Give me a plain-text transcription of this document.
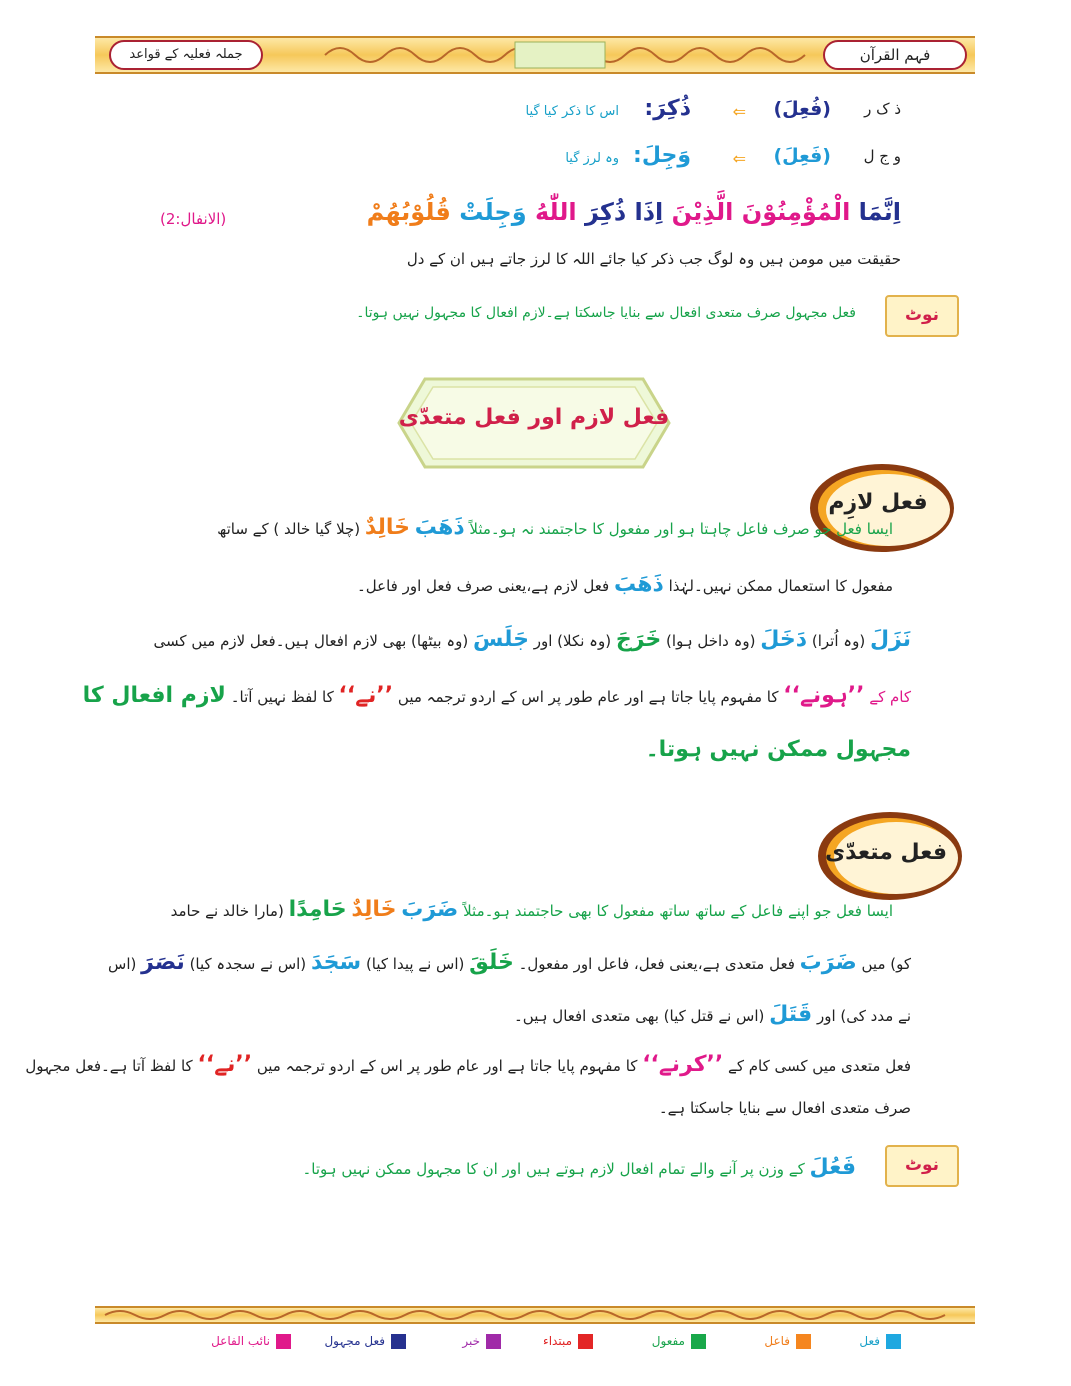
فہم القرآن
جملہ فعلیہ کے قواعد
ذ ک ر
(فُعِلَ)
⇐
ذُکِرَ:
اس کا ذکر کیا گیا
و ج ل
(فَعِلَ)
⇐
وَجِلَ:
وہ لرز گیا
اِنَّمَا الْمُؤْمِنُوْنَ الَّذِيْنَ اِذَا ذُكِرَ اللّٰهُ وَجِلَتْ قُلُوْبُهُمْ
(الانفال:2)
حقیقت میں مومن ہیں وہ لوگ جب ذکر کیا جائے اللہ کا لرز جاتے ہیں ان کے دل
نوٹ
فعل مجہول صرف متعدی افعال سے بنایا جاسکتا ہے۔لازم افعال کا مجہول نہیں ہوتا۔
فعل لازم اور فعل متعدّی
فعل لازِم
ایسا فعل جو صرف فاعل چاہتا ہو اور مفعول کا حاجتمند نہ ہو۔مثلاً ذَھَبَ خَالِدٌ (چلا گیا خالد ) کے ساتھ
مفعول کا استعمال ممکن نہیں۔لہٰذا ذَھَبَ فعل لازم ہے،یعنی صرف فعل اور فاعل۔
نَزَلَ (وہ اُترا) دَخَلَ (وہ داخل ہوا) خَرَجَ (وہ نکلا) اور جَلَسَ (وہ بیٹھا) بھی لازم افعال ہیں۔فعل لازم میں کسی
کام کے ’’ہونے‘‘ کا مفہوم پایا جاتا ہے اور عام طور پر اس کے اردو ترجمہ میں ’’نے‘‘ کا لفظ نہیں آتا۔ لازم افعال کا
مجہول ممکن نہیں ہوتا۔
فعل متعدّی
ایسا فعل جو اپنے فاعل کے ساتھ ساتھ مفعول کا بھی حاجتمند ہو۔مثلاً ضَرَبَ خَالِدٌ حَامِدًا (مارا خالد نے حامد
کو) میں ضَرَبَ فعل متعدی ہے،یعنی فعل، فاعل اور مفعول۔ خَلَقَ (اس نے پیدا کیا) سَجَدَ (اس نے سجدہ کیا) نَصَرَ (اس
نے مدد کی) اور قَتَلَ (اس نے قتل کیا) بھی متعدی افعال ہیں۔
فعل متعدی میں کسی کام کے ’’کرنے‘‘ کا مفہوم پایا جاتا ہے اور عام طور پر اس کے اردو ترجمہ میں ’’نے‘‘ کا لفظ آتا ہے۔فعل مجہول
صرف متعدی افعال سے بنایا جاسکتا ہے۔
نوٹ
فَعُلَ کے وزن پر آنے والے تمام افعال لازم ہوتے ہیں اور ان کا مجہول ممکن نہیں ہوتا۔
فعل
فاعل
مفعول
مبتداء
خبر
فعل مجہول
نائب الفاعل
